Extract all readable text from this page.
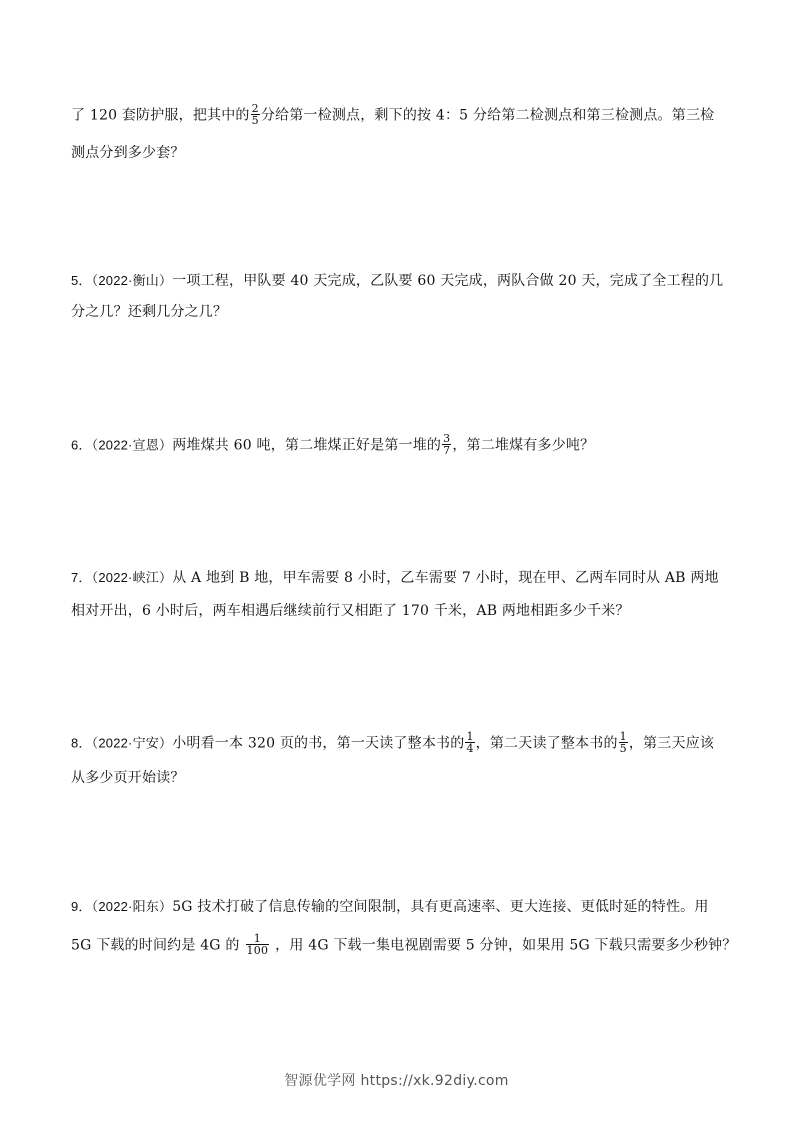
了 120 套防护服，把其中的 $\frac{2}{5}$ 分给第一检测点，剩下的按 4：5 分给第二检测点和第三检测点。第三检
测点分到多少套？
5．（2022·衡山）一项工程，甲队要 40 天完成，乙队要 60 天完成，两队合做 20 天，完成了全工程的几
分之几？还剩几分之几？
6．（2022·宣恩）两堆煤共 60 吨，第二堆煤正好是第一堆的 $\frac{3}{7}$ ，第二堆煤有多少吨？
7．（2022·峡江）从 A 地到 B 地，甲车需要 8 小时，乙车需要 7 小时，现在甲、乙两车同时从 AB 两地
相对开出，6 小时后，两车相遇后继续前行又相距了 170 千米，AB 两地相距多少千米？
8．（2022·宁安）小明看一本 320 页的书，第一天读了整本书的 $\frac{1}{4}$ ，第二天读了整本书的 $\frac{1}{5}$ ，第三天应该
从多少页开始读？
9．（2022·阳东）5G 技术打破了信息传输的空间限制，具有更高速率、更大连接、更低时延的特性。用
5G 下载的时间约是 4G 的 $\frac{1}{100}$ ，用 4G 下载一集电视剧需要 5 分钟，如果用 5G 下载只需要多少秒钟？
智源优学网 https://xk.92diy.com
